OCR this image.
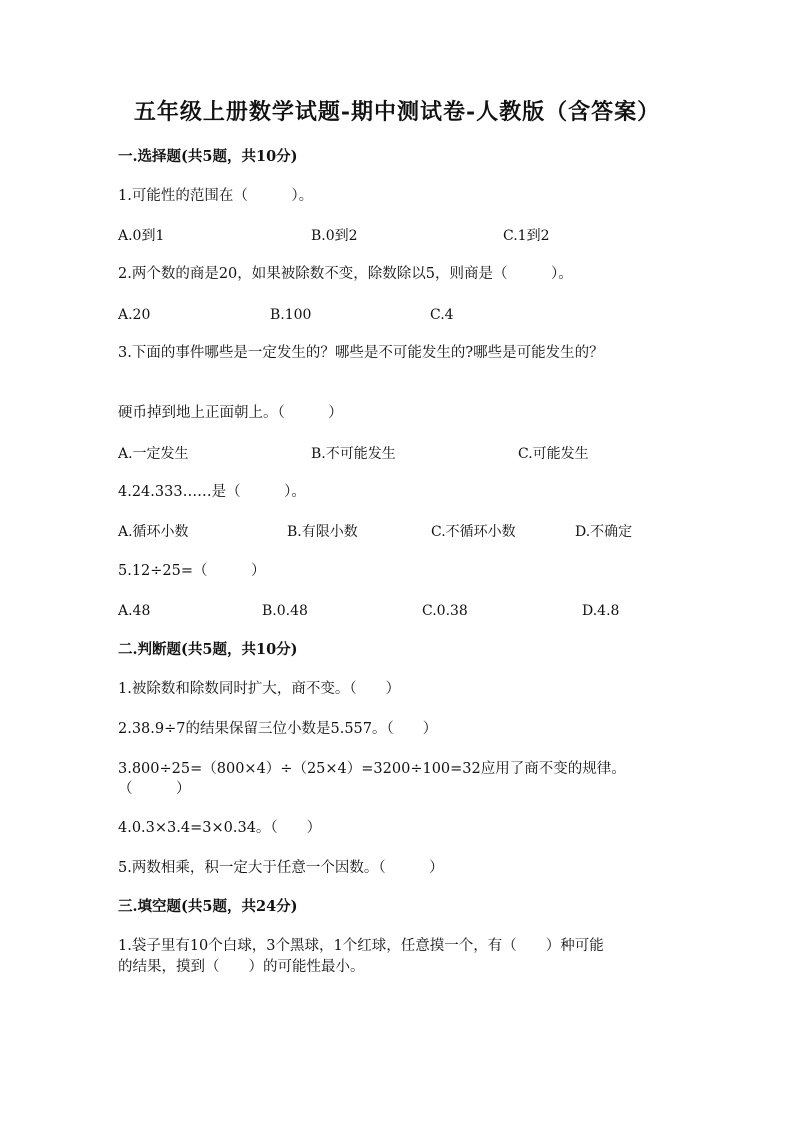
五年级上册数学试题-期中测试卷-人教版（含答案）
一.选择题(共5题，共10分)
1.可能性的范围在（　　　）。
A.0到1	B.0到2	C.1到2
2.两个数的商是20，如果被除数不变，除数除以5，则商是（　　　）。
A.20	B.100	C.4
3.下面的事件哪些是一定发生的？哪些是不可能发生的?哪些是可能发生的？
硬币掉到地上正面朝上。（　　　）
A.一定发生	B.不可能发生	C.可能发生
4.24.333……是（　　　）。
A.循环小数	B.有限小数	C.不循环小数	D.不确定
5.12÷25=（　　　）
A.48	B.0.48	C.0.38	D.4.8
二.判断题(共5题，共10分)
1.被除数和除数同时扩大，商不变。（　　）
2.38.9÷7的结果保留三位小数是5.557。（　　）
3.800÷25=（800×4）÷（25×4）=3200÷100=32应用了商不变的规律。
（　　　）
4.0.3×3.4=3×0.34。（　　）
5.两数相乘，积一定大于任意一个因数。（　　　）
三.填空题(共5题，共24分)
1.袋子里有10个白球，3个黑球，1个红球，任意摸一个，有（　　）种可能
的结果，摸到（　　）的可能性最小。
